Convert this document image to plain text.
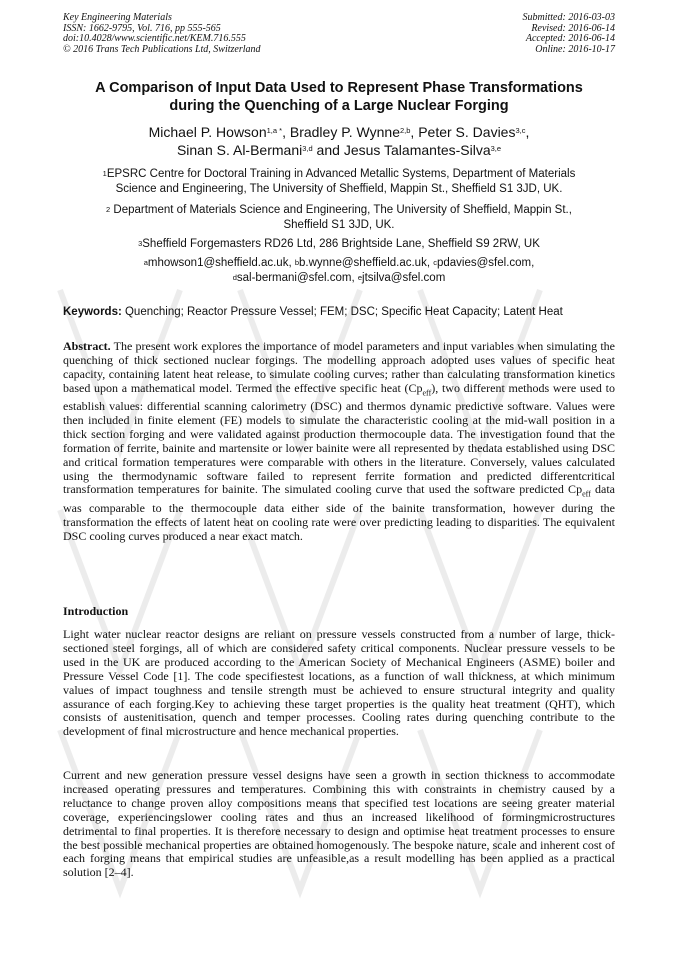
Key Engineering Materials
ISSN: 1662-9795, Vol. 716, pp 555-565
doi:10.4028/www.scientific.net/KEM.716.555
© 2016 Trans Tech Publications Ltd, Switzerland
Submitted: 2016-03-03
Revised: 2016-06-14
Accepted: 2016-06-14
Online: 2016-10-17
A Comparison of Input Data Used to Represent Phase Transformations
during the Quenching of a Large Nuclear Forging
Michael P. Howson$^{1,a *}$, Bradley P. Wynne$^{2,b}$, Peter S. Davies$^{3,c}$,
Sinan S. Al-Bermani$^{3,d}$ and Jesus Talamantes-Silva$^{3,e}$
$^1$EPSRC Centre for Doctoral Training in Advanced Metallic Systems, Department of Materials
Science and Engineering, The University of Sheffield, Mappin St., Sheffield S1 3JD, UK.
$^2$ Department of Materials Science and Engineering, The University of Sheffield, Mappin St.,
Sheffield S1 3JD, UK.
$^3$Sheffield Forgemasters RD26 Ltd, 286 Brightside Lane, Sheffield S9 2RW, UK
$^a$mhowson1@sheffield.ac.uk, $^b$b.wynne@sheffield.ac.uk, $^c$pdavies@sfel.com,
$^d$sal-bermani@sfel.com, $^e$jtsilva@sfel.com
Keywords: Quenching; Reactor Pressure Vessel; FEM; DSC; Specific Heat Capacity; Latent Heat

Abstract. The present work explores the importance of model parameters and input variables when simulating the quenching of thick sectioned nuclear forgings. The modelling approach adopted uses values of specific heat capacity, containing latent heat release, to simulate cooling curves; rather than calculating transformation kinetics based upon a mathematical model. Termed the effective specific heat $(Cp_{eff})$, two different methods were used to establish values: differential scanning calorimetry (DSC) and thermos dynamic predictive software. Values were then included in finite element (FE) models to simulate the characteristic cooling at the mid-wall position in a thick section forging and were validated against production thermocouple data. The investigation found that the formation of ferrite, bainite and martensite or lower bainite were all represented by thedata established using DSC and critical formation temperatures were comparable with others in the literature. Conversely, values calculated using the thermodynamic software failed to represent ferrite formation and predicted differentcritical transformation temperatures for bainite. The simulated cooling curve that used the software predicted $Cp_{eff}$ data was comparable to the thermocouple data either side of the bainite transformation, however during the transformation the effects of latent heat on cooling rate were over predicting leading to disparities. The equivalent DSC cooling curves produced a near exact match.

Introduction

Light water nuclear reactor designs are reliant on pressure vessels constructed from a number of large, thick-sectioned steel forgings, all of which are considered safety critical components. Nuclear pressure vessels to be used in the UK are produced according to the American Society of Mechanical Engineers (ASME) boiler and Pressure Vessel Code [1]. The code specifiestest locations, as a function of wall thickness, at which minimum values of impact toughness and tensile strength must be achieved to ensure structural integrity and quality assurance of each forging.Key to achieving these target properties is the quality heat treatment (QHT), which consists of austenitisation, quench and temper processes. Cooling rates during quenching contribute to the development of final microstructure and hence mechanical properties.

Current and new generation pressure vessel designs have seen a growth in section thickness to accommodate increased operating pressures and temperatures. Combining this with constraints in chemistry caused by a reluctance to change proven alloy compositions means that specified test locations are seeing greater material coverage, experiencingslower cooling rates and thus an increased likelihood of formingmicrostructures detrimental to final properties. It is therefore necessary to design and optimise heat treatment processes to ensure the best possible mechanical properties are obtained homogenously. The bespoke nature, scale and inherent cost of each forging means that empirical studies are unfeasible,as a result modelling has been applied as a practical solution [2–4].
